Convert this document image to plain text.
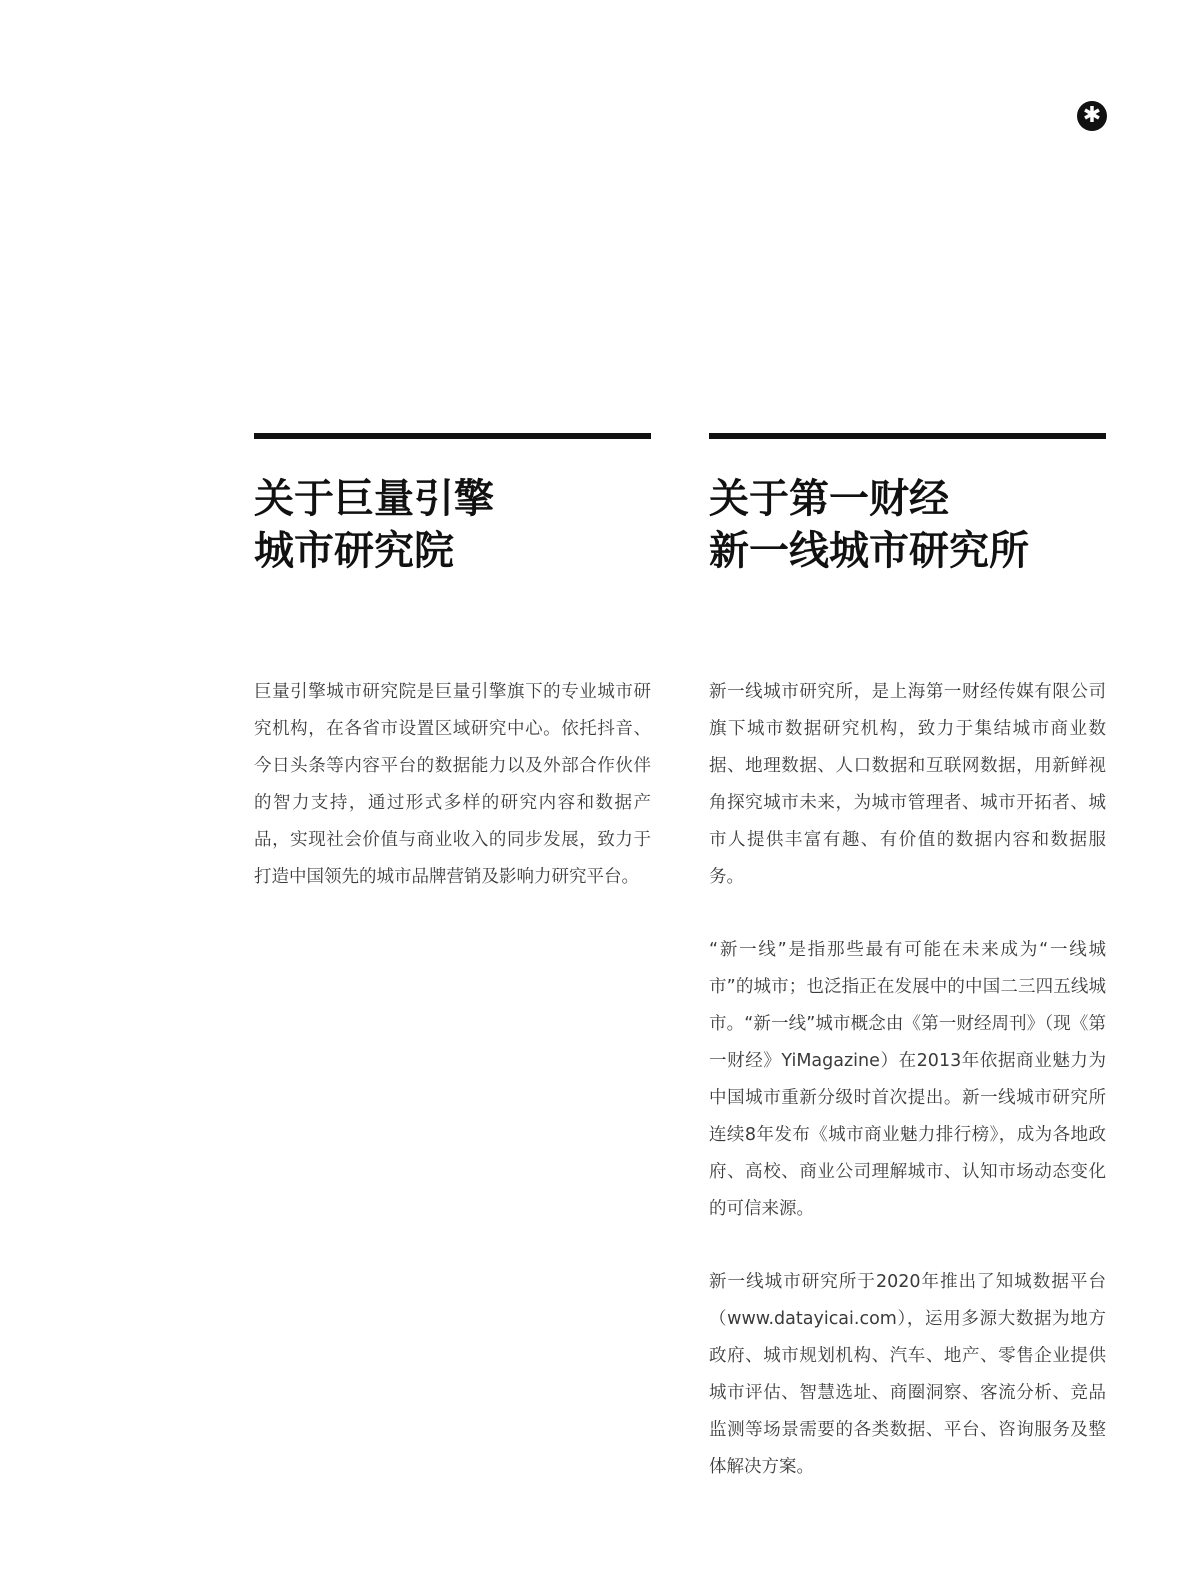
✱
关于巨量引擎
城市研究院

巨量引擎城市研究院是巨量引擎旗下的专业城市研究机构，在各省市设置区域研究中心。依托抖音、今日头条等内容平台的数据能力以及外部合作伙伴的智力支持，通过形式多样的研究内容和数据产品，实现社会价值与商业收入的同步发展，致力于打造中国领先的城市品牌营销及影响力研究平台。

关于第一财经
新一线城市研究所

新一线城市研究所，是上海第一财经传媒有限公司旗下城市数据研究机构，致力于集结城市商业数据、地理数据、人口数据和互联网数据，用新鲜视角探究城市未来，为城市管理者、城市开拓者、城市人提供丰富有趣、有价值的数据内容和数据服务。

“新一线”是指那些最有可能在未来成为“一线城市”的城市；也泛指正在发展中的中国二三四五线城市。“新一线”城市概念由《第一财经周刊》（现《第一财经》YiMagazine）在2013年依据商业魅力为中国城市重新分级时首次提出。新一线城市研究所连续8年发布《城市商业魅力排行榜》，成为各地政府、高校、商业公司理解城市、认知市场动态变化的可信来源。

新一线城市研究所于2020年推出了知城数据平台（www.datayicai.com），运用多源大数据为地方政府、城市规划机构、汽车、地产、零售企业提供城市评估、智慧选址、商圈洞察、客流分析、竞品监测等场景需要的各类数据、平台、咨询服务及整体解决方案。
